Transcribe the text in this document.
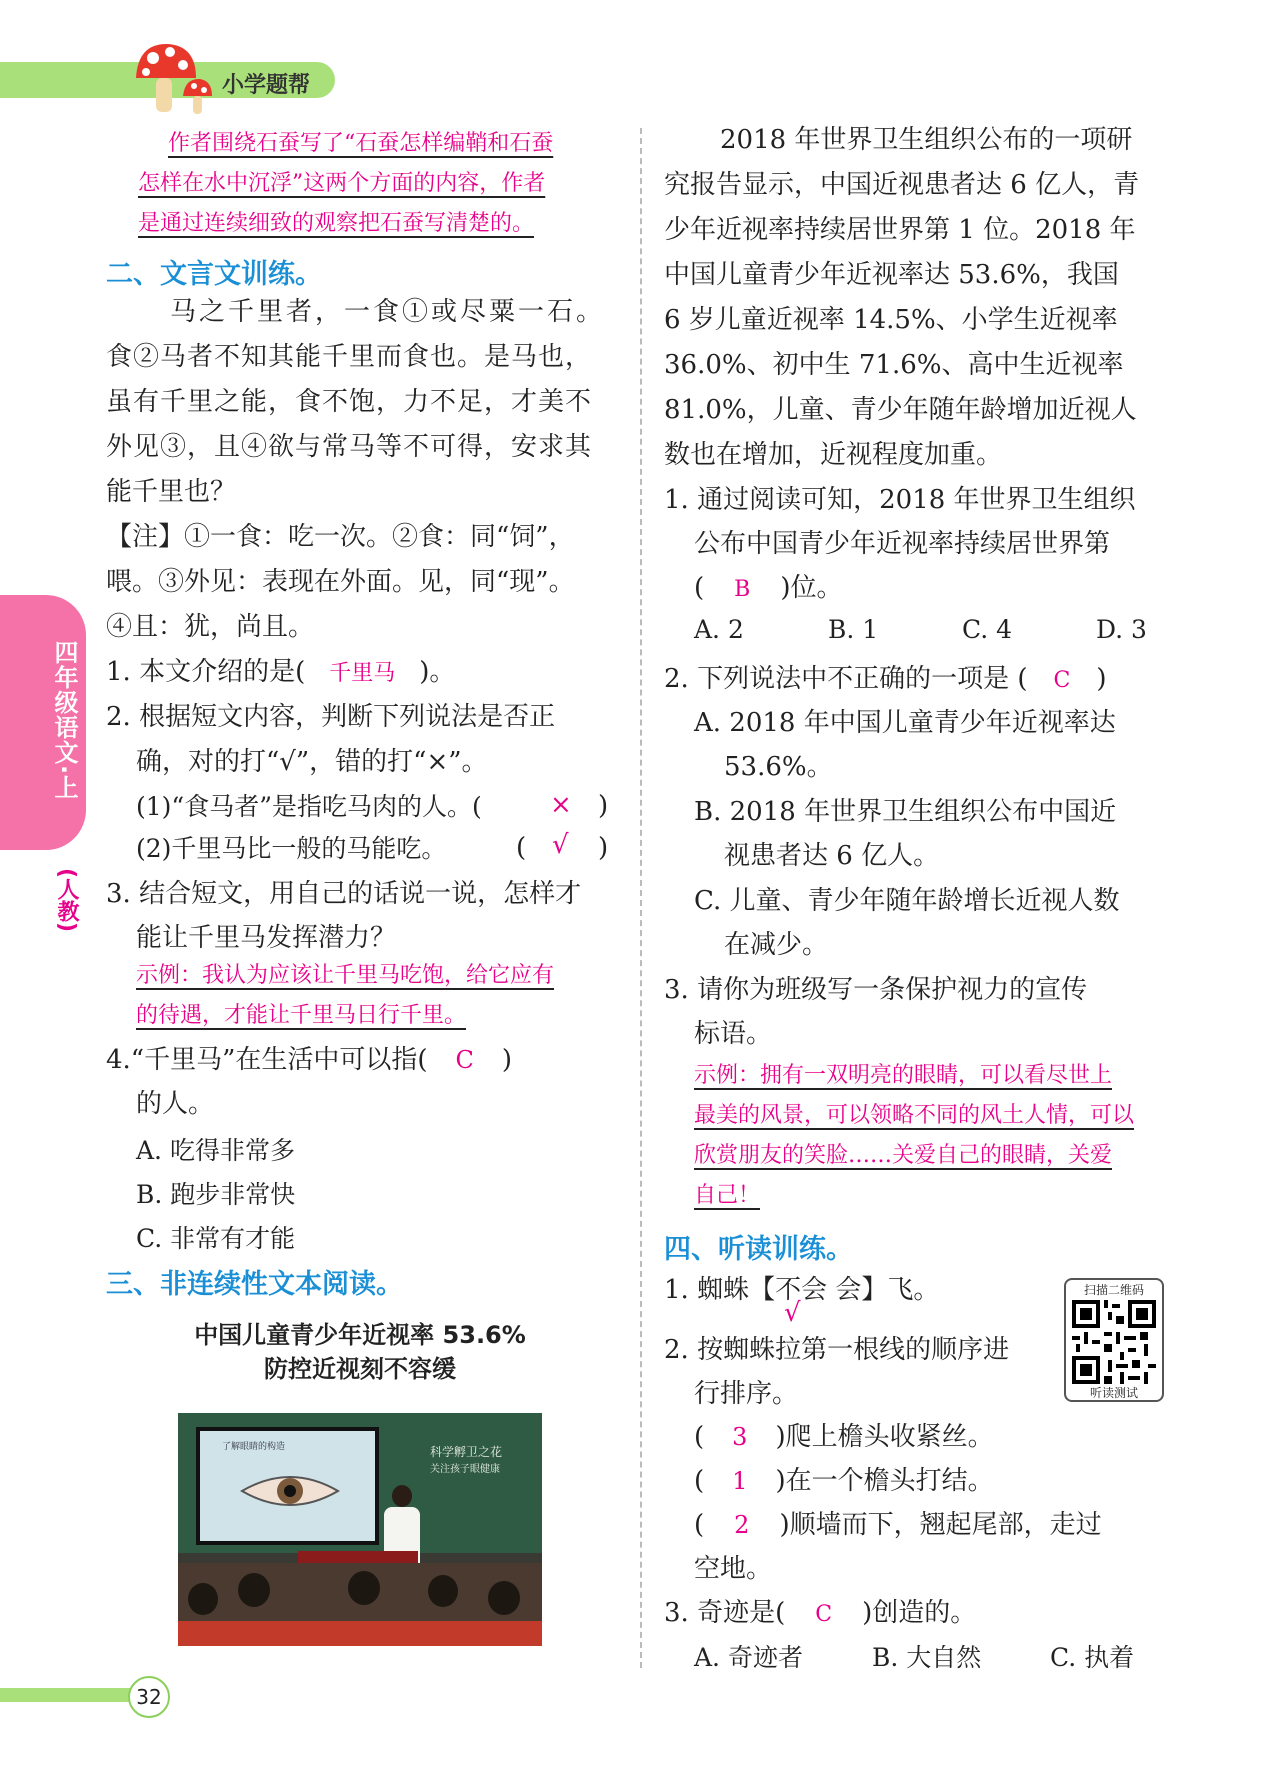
小学题帮
四年级语文·上
(人教)
作者围绕石蚕写了“石蚕怎样编鞘和石蚕
怎样在水中沉浮”这两个方面的内容，作者
是通过连续细致的观察把石蚕写清楚的。
二、文言文训练。
马之千里者，一食①或尽粟一石。
食②马者不知其能千里而食也。是马也，
虽有千里之能，食不饱，力不足，才美不
外见③，且④欲与常马等不可得，安求其
能千里也？
【注】①一食：吃一次。②食：同“饲”，
喂。③外见：表现在外面。见，同“现”。
④且：犹，尚且。
1. 本文介绍的是( 千里马 )。
2. 根据短文内容，判断下列说法是否正
确，对的打“√”，错的打“×”。
(1)“食马者”是指吃马肉的人。(	× )
(2)千里马比一般的马能吃。	( √ )
3. 结合短文，用自己的话说一说，怎样才
能让千里马发挥潜力？
示例：我认为应该让千里马吃饱，给它应有
的待遇，才能让千里马日行千里。
4.“千里马”在生活中可以指( C )
的人。
A. 吃得非常多
B. 跑步非常快
C. 非常有才能
三、非连续性文本阅读。
中国儿童青少年近视率 53.6%
防控近视刻不容缓
了解眼睛的构造	科学孵卫之花
关注孩子眼健康
32
2018 年世界卫生组织公布的一项研
究报告显示，中国近视患者达 6 亿人，青
少年近视率持续居世界第 1 位。2018 年
中国儿童青少年近视率达 53.6%，我国
6 岁儿童近视率 14.5%、小学生近视率
36.0%、初中生 71.6%、高中生近视率
81.0%，儿童、青少年随年龄增加近视人
数也在增加，近视程度加重。
1. 通过阅读可知，2018 年世界卫生组织
公布中国青少年近视率持续居世界第
( B )位。
A. 2	B. 1	C. 4	D. 3
2. 下列说法中不正确的一项是 ( C )
A. 2018 年中国儿童青少年近视率达
53.6%。
B. 2018 年世界卫生组织公布中国近
视患者达 6 亿人。
C. 儿童、青少年随年龄增长近视人数
在减少。
3. 请你为班级写一条保护视力的宣传
标语。
示例：拥有一双明亮的眼睛，可以看尽世上
最美的风景，可以领略不同的风土人情，可以
欣赏朋友的笑脸……关爱自己的眼睛，关爱
自己！
四、听读训练。
1. 蜘蛛【不会 会】飞。
√
2. 按蜘蛛拉第一根线的顺序进
行排序。
( 3 )爬上檐头收紧丝。
( 1 )在一个檐头打结。
( 2 )顺墙而下，翘起尾部，走过
空地。
3. 奇迹是( C )创造的。
A. 奇迹者	B. 大自然	C. 执着
扫描二维码
听读测试
